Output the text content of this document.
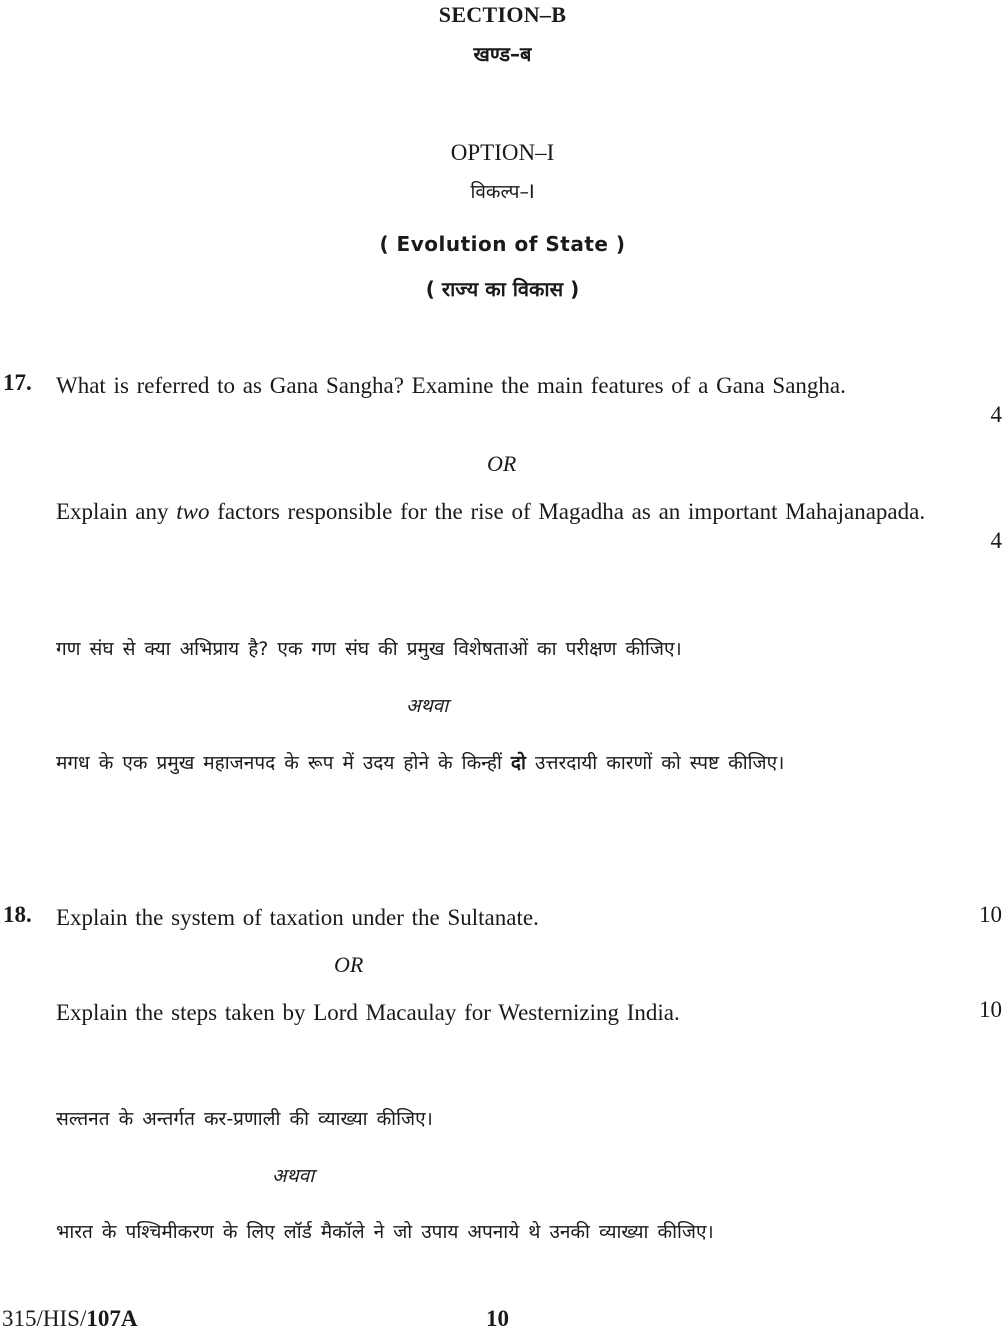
SECTION–B
खण्ड–ब
OPTION–I
विकल्प–I
( Evolution of State )
( राज्य का विकास )
17. What is referred to as Gana Sangha? Examine the main features of a Gana Sangha.
4
OR
Explain any two factors responsible for the rise of Magadha as an important Mahajanapada.
4
गण संघ से क्या अभिप्राय है? एक गण संघ की प्रमुख विशेषताओं का परीक्षण कीजिए।
अथवा
मगध के एक प्रमुख महाजनपद के रूप में उदय होने के किन्हीं दो उत्तरदायी कारणों को स्पष्ट कीजिए।
18. Explain the system of taxation under the Sultanate.	10
OR
Explain the steps taken by Lord Macaulay for Westernizing India.	10
सल्तनत के अन्तर्गत कर-प्रणाली की व्याख्या कीजिए।
अथवा
भारत के पश्चिमीकरण के लिए लॉर्ड मैकॉले ने जो उपाय अपनाये थे उनकी व्याख्या कीजिए।
315/HIS/107A	10
